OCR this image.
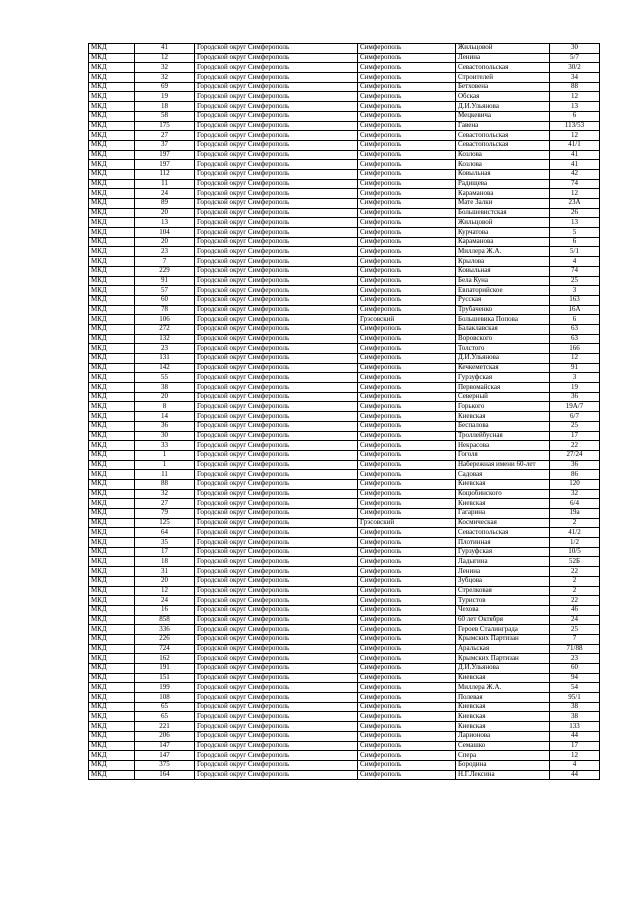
МКД	41	Городской округ Симферополь	Симферополь	Жильцовой	30
МКД	12	Городской округ Симферополь	Симферополь	Ленина	5/7
МКД	32	Городской округ Симферополь	Симферополь	Севастопольская	30/2
МКД	32	Городской округ Симферополь	Симферополь	Строителей	34
МКД	69	Городской округ Симферополь	Симферополь	Бетховена	88
МКД	19	Городской округ Симферополь	Симферополь	Обская	12
МКД	18	Городской округ Симферополь	Симферополь	Д.И.Ульянова	13
МКД	58	Городской округ Симферополь	Симферополь	Мецкевича	6
МКД	175	Городской округ Симферополь	Симферополь	Гавена	113/53
МКД	27	Городской округ Симферополь	Симферополь	Севастопольская	12
МКД	37	Городской округ Симферополь	Симферополь	Севастопольская	41/1
МКД	197	Городской округ Симферополь	Симферополь	Козлова	41
МКД	197	Городской округ Симферополь	Симферополь	Козлова	41
МКД	112	Городской округ Симферополь	Симферополь	Ковыльная	42
МКД	11	Городской округ Симферополь	Симферополь	Радищева	74
МКД	24	Городской округ Симферополь	Симферополь	Караманова	12
МКД	89	Городской округ Симферополь	Симферополь	Мате Залки	23А
МКД	20	Городской округ Симферополь	Симферополь	Большевистская	26
МКД	13	Городской округ Симферополь	Симферополь	Жильцовой	13
МКД	104	Городской округ Симферополь	Симферополь	Курчатова	5
МКД	20	Городской округ Симферополь	Симферополь	Караманова	6
МКД	23	Городской округ Симферополь	Симферополь	Миллера Ж.А.	5/1
МКД	7	Городской округ Симферополь	Симферополь	Крылова	4
МКД	229	Городской округ Симферополь	Симферополь	Ковыльная	74
МКД	91	Городской округ Симферополь	Симферополь	Бела Куна	25
МКД	57	Городской округ Симферополь	Симферополь	Евпаторийское	3
МКД	60	Городской округ Симферополь	Симферополь	Русская	163
МКД	78	Городской округ Симферополь	Симферополь	Трубаченко	16А
МКД	106	Городской округ Симферополь	Грэсовский	Большевика Попова	6
МКД	272	Городской округ Симферополь	Симферополь	Балаклавская	63
МКД	132	Городской округ Симферополь	Симферополь	Воровского	63
МКД	23	Городской округ Симферополь	Симферополь	Толстого	166
МКД	131	Городской округ Симферополь	Симферополь	Д.И.Ульянова	12
МКД	142	Городской округ Симферополь	Симферополь	Кечкеметская	91
МКД	55	Городской округ Симферополь	Симферополь	Гурзуфская	3
МКД	38	Городской округ Симферополь	Симферополь	Первомайская	19
МКД	20	Городской округ Симферополь	Симферополь	Северный	36
МКД	8	Городской округ Симферополь	Симферополь	Горького	19А/7
МКД	14	Городской округ Симферополь	Симферополь	Киевская	6/7
МКД	36	Городской округ Симферополь	Симферополь	Беспалова	25
МКД	30	Городской округ Симферополь	Симферополь	Троллейбусная	17
МКД	33	Городской округ Симферополь	Симферополь	Некрасова	22
МКД	1	Городской округ Симферополь	Симферополь	Гоголя	27/24
МКД	1	Городской округ Симферополь	Симферополь	Набережная имени 60-лет	36
МКД	11	Городской округ Симферополь	Симферополь	Садовая	86
МКД	88	Городской округ Симферополь	Симферополь	Киевская	120
МКД	32	Городской округ Симферополь	Симферополь	Коцюбинского	32
МКД	27	Городской округ Симферополь	Симферополь	Киевская	6/4
МКД	79	Городской округ Симферополь	Симферополь	Гагарина	19а
МКД	125	Городской округ Симферополь	Грэсовский	Космическая	2
МКД	64	Городской округ Симферополь	Симферополь	Севастопольская	41/2
МКД	35	Городской округ Симферополь	Симферополь	Плотинная	1/2
МКД	17	Городской округ Симферополь	Симферополь	Гурзуфская	10/5
МКД	18	Городской округ Симферополь	Симферополь	Ладыгина	52Б
МКД	31	Городской округ Симферополь	Симферополь	Ленина	22
МКД	20	Городской округ Симферополь	Симферополь	Зубцова	2
МКД	12	Городской округ Симферополь	Симферополь	Стрелковая	2
МКД	24	Городской округ Симферополь	Симферополь	Туристов	22
МКД	16	Городской округ Симферополь	Симферополь	Чехова	46
МКД	858	Городской округ Симферополь	Симферополь	60 лет Октября	24
МКД	336	Городской округ Симферополь	Симферополь	Героев Сталинграда	25
МКД	226	Городской округ Симферополь	Симферополь	Крымских Партизан	7
МКД	724	Городской округ Симферополь	Симферополь	Аральская	71/88
МКД	162	Городской округ Симферополь	Симферополь	Крымских Партизан	23
МКД	191	Городской округ Симферополь	Симферополь	Д.И.Ульянова	60
МКД	151	Городской округ Симферополь	Симферополь	Киевская	94
МКД	199	Городской округ Симферополь	Симферополь	Миллера Ж.А.	54
МКД	108	Городской округ Симферополь	Симферополь	Полевая	95/1
МКД	65	Городской округ Симферополь	Симферополь	Киевская	38
МКД	65	Городской округ Симферополь	Симферополь	Киевская	38
МКД	221	Городской округ Симферополь	Симферополь	Киевская	133
МКД	206	Городской округ Симферополь	Симферополь	Ларионова	44
МКД	147	Городской округ Симферополь	Симферополь	Семашко	17
МКД	147	Городской округ Симферополь	Симферополь	Спера	12
МКД	375	Городской округ Симферополь	Симферополь	Бородина	4
МКД	164	Городской округ Симферополь	Симферополь	Н.Г.Лексина	44
